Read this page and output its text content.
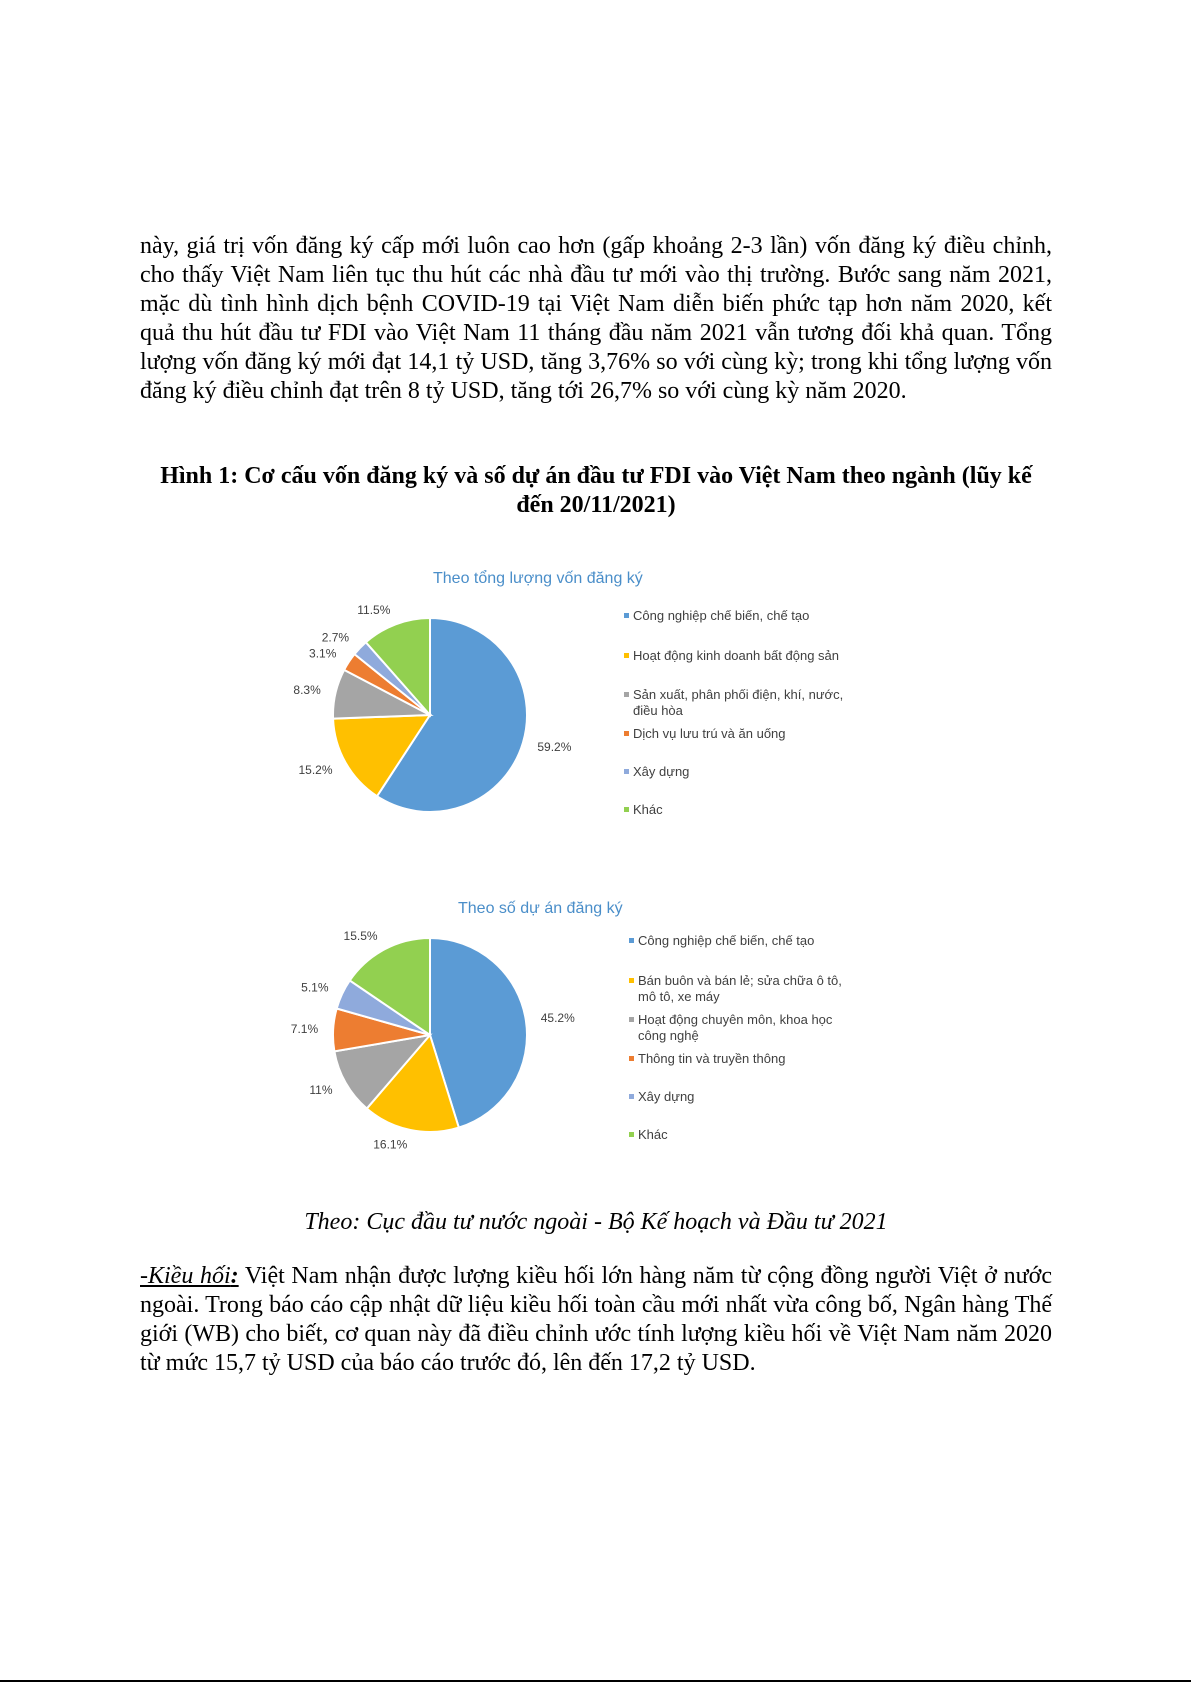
này, giá trị vốn đăng ký cấp mới luôn cao hơn (gấp khoảng 2-3 lần) vốn đăng ký điều chỉnh, cho thấy Việt Nam liên tục thu hút các nhà đầu tư mới vào thị trường. Bước sang năm 2021, mặc dù tình hình dịch bệnh COVID-19 tại Việt Nam diễn biến phức tạp hơn năm 2020, kết quả thu hút đầu tư FDI vào Việt Nam 11 tháng đầu năm 2021 vẫn tương đối khả quan. Tổng lượng vốn đăng ký mới đạt 14,1 tỷ USD, tăng 3,76% so với cùng kỳ; trong khi tổng lượng vốn đăng ký điều chỉnh đạt trên 8 tỷ USD, tăng tới 26,7% so với cùng kỳ năm 2020.

Hình 1: Cơ cấu vốn đăng ký và số dự án đầu tư FDI vào Việt Nam theo ngành (lũy kế đến 20/11/2021)

Theo tổng lượng vốn đăng ký
59.2%
15.2%
8.3%
3.1%
2.7%
11.5%	Công nghiệp chế biến, chế tạo
Hoạt động kinh doanh bất động sản
Sản xuất, phân phối điện, khí, nước, điều hòa
Dịch vụ lưu trú và ăn uống
Xây dựng
Khác
Theo số dự án đăng ký
45.2%
16.1%
11%
7.1%
5.1%
15.5%	Công nghiệp chế biến, chế tạo
Bán buôn và bán lẻ; sửa chữa ô tô, mô tô, xe máy
Hoạt động chuyên môn, khoa học công nghệ
Thông tin và truyền thông
Xây dựng
Khác

Theo: Cục đầu tư nước ngoài - Bộ Kế hoạch và Đầu tư 2021

-Kiều hối: Việt Nam nhận được lượng kiều hối lớn hàng năm từ cộng đồng người Việt ở nước ngoài. Trong báo cáo cập nhật dữ liệu kiều hối toàn cầu mới nhất vừa công bố, Ngân hàng Thế giới (WB) cho biết, cơ quan này đã điều chỉnh ước tính lượng kiều hối về Việt Nam năm 2020 từ mức 15,7 tỷ USD của báo cáo trước đó, lên đến 17,2 tỷ USD.
